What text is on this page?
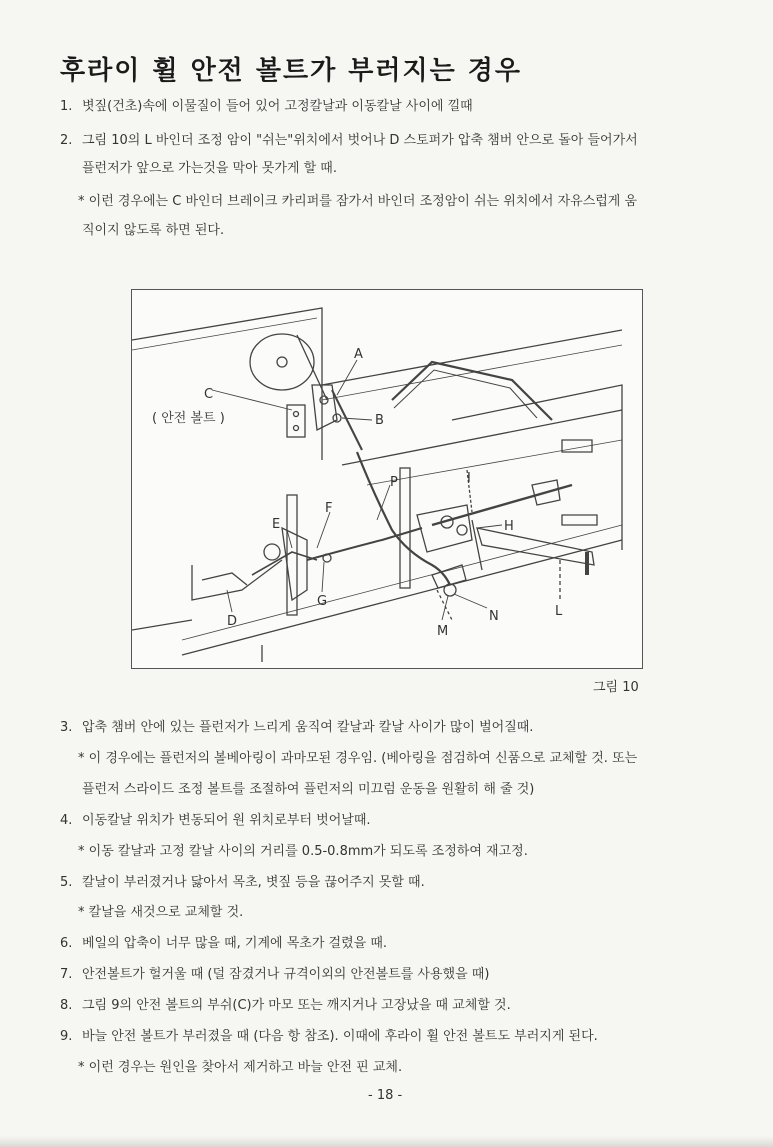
후라이 휠 안전 볼트가 부러지는 경우
1. 볏짚(건초)속에 이물질이 들어 있어 고정칼날과 이동칼날 사이에 낄때
2. 그림 10의 L 바인더 조정 암이 "쉬는"위치에서 벗어나 D 스토퍼가 압축 챔버 안으로 돌아 들어가서
플런저가 앞으로 가는것을 막아 못가게 할 때.
* 이런 경우에는 C 바인더 브레이크 카리퍼를 잠가서 바인더 조정암이 쉬는 위치에서 자유스럽게 움
직이지 않도록 하면 된다.
( 안전 볼트 )
A
B
C
D
E
F
G
H
I
L
M
N
P
그림 10
3. 압축 챔버 안에 있는 플런저가 느리게 움직여 칼날과 칼날 사이가 많이 벌어질때.
* 이 경우에는 플런저의 볼베아링이 과마모된 경우임. (베아링을 점검하여 신품으로 교체할 것. 또는
플런저 스라이드 조정 볼트를 조절하여 플런저의 미끄럼 운동을 원활히 해 줄 것)
4. 이동칼날 위치가 변동되어 원 위치로부터 벗어날때.
* 이동 칼날과 고정 칼날 사이의 거리를 0.5-0.8mm가 되도록 조정하여 재고정.
5. 칼날이 부러졌거나 닳아서 목초, 볏짚 등을 끊어주지 못할 때.
* 칼날을 새것으로 교체할 것.
6. 베일의 압축이 너무 많을 때, 기계에 목초가 걸렸을 때.
7. 안전볼트가 헐거울 때 (덜 잠겼거나 규격이외의 안전볼트를 사용했을 때)
8. 그림 9의 안전 볼트의 부쉬(C)가 마모 또는 깨지거나 고장났을 때 교체할 것.
9. 바늘 안전 볼트가 부러졌을 때 (다음 항 참조). 이때에 후라이 휠 안전 볼트도 부러지게 된다.
* 이런 경우는 원인을 찾아서 제거하고 바늘 안전 핀 교체.
- 18 -
